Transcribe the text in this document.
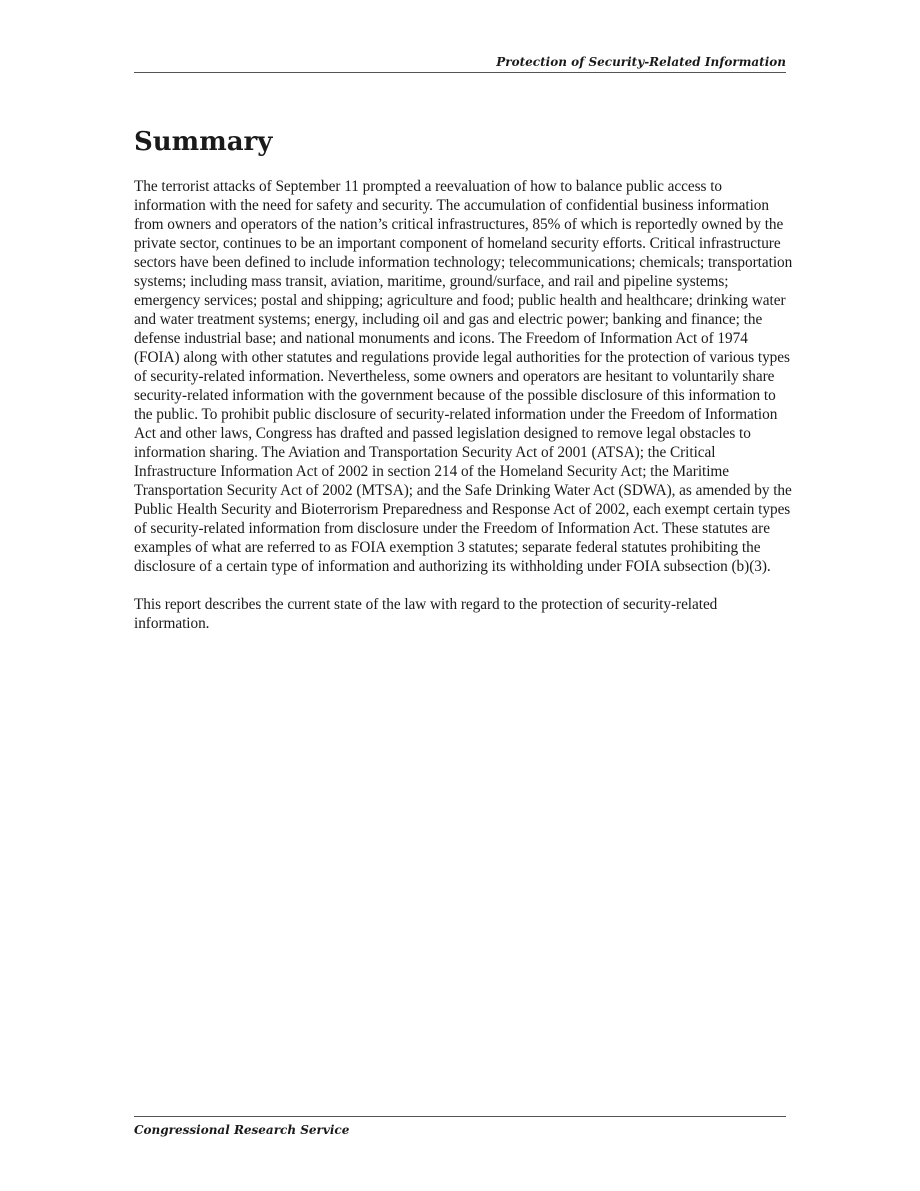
Protection of Security-Related Information
Summary

The terrorist attacks of September 11 prompted a reevaluation of how to balance public access to information with the need for safety and security. The accumulation of confidential business information from owners and operators of the nation’s critical infrastructures, 85% of which is reportedly owned by the private sector, continues to be an important component of homeland security efforts. Critical infrastructure sectors have been defined to include information technology; telecommunications; chemicals; transportation systems; including mass transit, aviation, maritime, ground/surface, and rail and pipeline systems; emergency services; postal and shipping; agriculture and food; public health and healthcare; drinking water and water treatment systems; energy, including oil and gas and electric power; banking and finance; the defense industrial base; and national monuments and icons. The Freedom of Information Act of 1974 (FOIA) along with other statutes and regulations provide legal authorities for the protection of various types of security-related information. Nevertheless, some owners and operators are hesitant to voluntarily share security-related information with the government because of the possible disclosure of this information to the public. To prohibit public disclosure of security-related information under the Freedom of Information Act and other laws, Congress has drafted and passed legislation designed to remove legal obstacles to information sharing. The Aviation and Transportation Security Act of 2001 (ATSA); the Critical Infrastructure Information Act of 2002 in section 214 of the Homeland Security Act; the Maritime Transportation Security Act of 2002 (MTSA); and the Safe Drinking Water Act (SDWA), as amended by the Public Health Security and Bioterrorism Preparedness and Response Act of 2002, each exempt certain types of security-related information from disclosure under the Freedom of Information Act. These statutes are examples of what are referred to as FOIA exemption 3 statutes; separate federal statutes prohibiting the disclosure of a certain type of information and authorizing its withholding under FOIA subsection (b)(3).

This report describes the current state of the law with regard to the protection of security-related information.

Congressional Research Service
